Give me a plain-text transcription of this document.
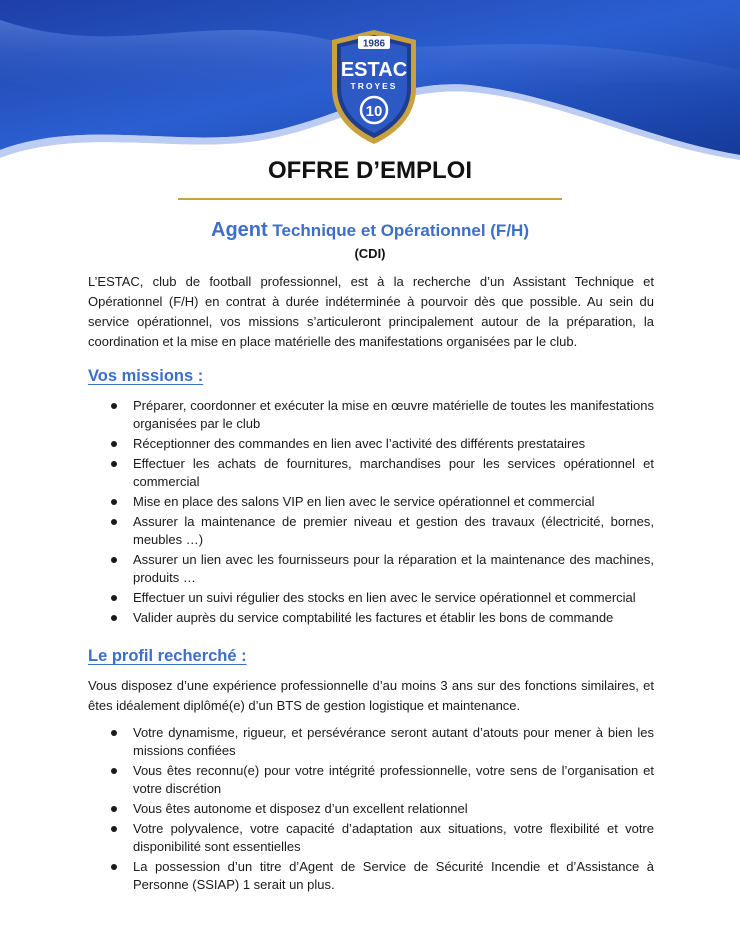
1986
ESTAC
TROYES
10
OFFRE D’EMPLOI
Agent Technique et Opérationnel (F/H)
(CDI)

L’ESTAC, club de football professionnel, est à la recherche d’un Assistant Technique et Opérationnel (F/H) en contrat à durée indéterminée à pourvoir dès que possible. Au sein du service opérationnel, vos missions s’articuleront principalement autour de la préparation, la coordination et la mise en place matérielle des manifestations organisées par le club.

Vos missions :
Préparer, coordonner et exécuter la mise en œuvre matérielle de toutes les manifestations organisées par le club
Réceptionner des commandes en lien avec l’activité des différents prestataires
Effectuer les achats de fournitures, marchandises pour les services opérationnel et commercial
Mise en place des salons VIP en lien avec le service opérationnel et commercial
Assurer la maintenance de premier niveau et gestion des travaux (électricité, bornes, meubles …)
Assurer un lien avec les fournisseurs pour la réparation et la maintenance des machines, produits …
Effectuer un suivi régulier des stocks en lien avec le service opérationnel et commercial
Valider auprès du service comptabilité les factures et établir les bons de commande
Le profil recherché :

Vous disposez d’une expérience professionnelle d’au moins 3 ans sur des fonctions similaires, et êtes idéalement diplômé(e) d’un BTS de gestion logistique et maintenance.

Votre dynamisme, rigueur, et persévérance seront autant d’atouts pour mener à bien les missions confiées
Vous êtes reconnu(e) pour votre intégrité professionnelle, votre sens de l’organisation et votre discrétion
Vous êtes autonome et disposez d’un excellent relationnel
Votre polyvalence, votre capacité d’adaptation aux situations, votre flexibilité et votre disponibilité sont essentielles
La possession d’un titre d’Agent de Service de Sécurité Incendie et d’Assistance à Personne (SSIAP) 1 serait un plus.
